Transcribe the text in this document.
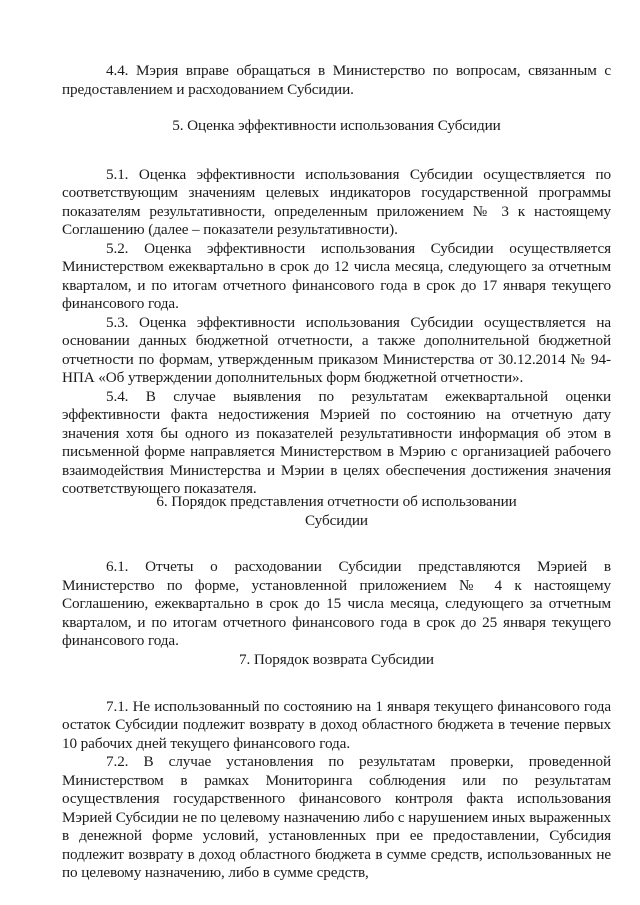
4.4. Мэрия вправе обращаться в Министерство по вопросам, связанным с предоставлением и расходованием Субсидии.

5. Оценка эффективности использования Субсидии

5.1. Оценка эффективности использования Субсидии осуществляется по соответствующим значениям целевых индикаторов государственной программы показателям результативности, определенным приложением № 3 к настоящему Соглашению (далее – показатели результативности).

5.2. Оценка эффективности использования Субсидии осуществляется Министерством ежеквартально в срок до 12 числа месяца, следующего за отчетным кварталом, и по итогам отчетного финансового года в срок до 17 января текущего финансового года.

5.3. Оценка эффективности использования Субсидии осуществляется на основании данных бюджетной отчетности, а также дополнительной бюджетной отчетности по формам, утвержденным приказом Министерства от 30.12.2014 № 94-НПА «Об утверждении дополнительных форм бюджетной отчетности».

5.4. В случае выявления по результатам ежеквартальной оценки эффективности факта недостижения Мэрией по состоянию на отчетную дату значения хотя бы одного из показателей результативности информация об этом в письменной форме направляется Министерством в Мэрию с организацией рабочего взаимодействия Министерства и Мэрии в целях обеспечения достижения значения соответствующего показателя.

6. Порядок представления отчетности об использовании
Субсидии

6.1. Отчеты о расходовании Субсидии представляются Мэрией в Министерство по форме, установленной приложением № 4 к настоящему Соглашению, ежеквартально в срок до 15 числа месяца, следующего за отчетным кварталом, и по итогам отчетного финансового года в срок до 25 января текущего финансового года.

7. Порядок возврата Субсидии

7.1. Не использованный по состоянию на 1 января текущего финансового года остаток Субсидии подлежит возврату в доход областного бюджета в течение первых 10 рабочих дней текущего финансового года.

7.2. В случае установления по результатам проверки, проведенной Министерством в рамках Мониторинга соблюдения или по результатам осуществления государственного финансового контроля факта использования Мэрией Субсидии не по целевому назначению либо с нарушением иных выраженных в денежной форме условий, установленных при ее предоставлении, Субсидия подлежит возврату в доход областного бюджета в сумме средств, использованных не по целевому назначению, либо в сумме средств,
